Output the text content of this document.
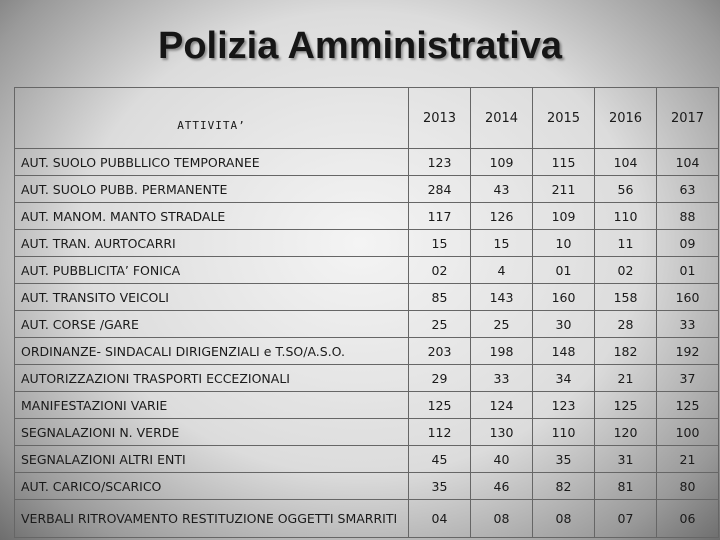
Polizia Amministrativa
ATTIVITA’	2013	2014	2015	2016	2017
AUT. SUOLO PUBBLLICO TEMPORANEE	123	109	115	104	104
AUT. SUOLO PUBB. PERMANENTE	284	43	211	56	63
AUT. MANOM. MANTO STRADALE	117	126	109	110	88
AUT. TRAN. AURTOCARRI	15	15	10	11	09
AUT. PUBBLICITA’ FONICA	02	4	01	02	01
AUT. TRANSITO VEICOLI	85	143	160	158	160
AUT. CORSE /GARE	25	25	30	28	33
ORDINANZE- SINDACALI DIRIGENZIALI e T.SO/A.S.O.	203	198	148	182	192
AUTORIZZAZIONI TRASPORTI ECCEZIONALI	29	33	34	21	37
MANIFESTAZIONI VARIE	125	124	123	125	125
SEGNALAZIONI N. VERDE	112	130	110	120	100
SEGNALAZIONI ALTRI ENTI	45	40	35	31	21
AUT. CARICO/SCARICO	35	46	82	81	80
VERBALI RITROVAMENTO RESTITUZIONE OGGETTI SMARRITI	04	08	08	07	06
